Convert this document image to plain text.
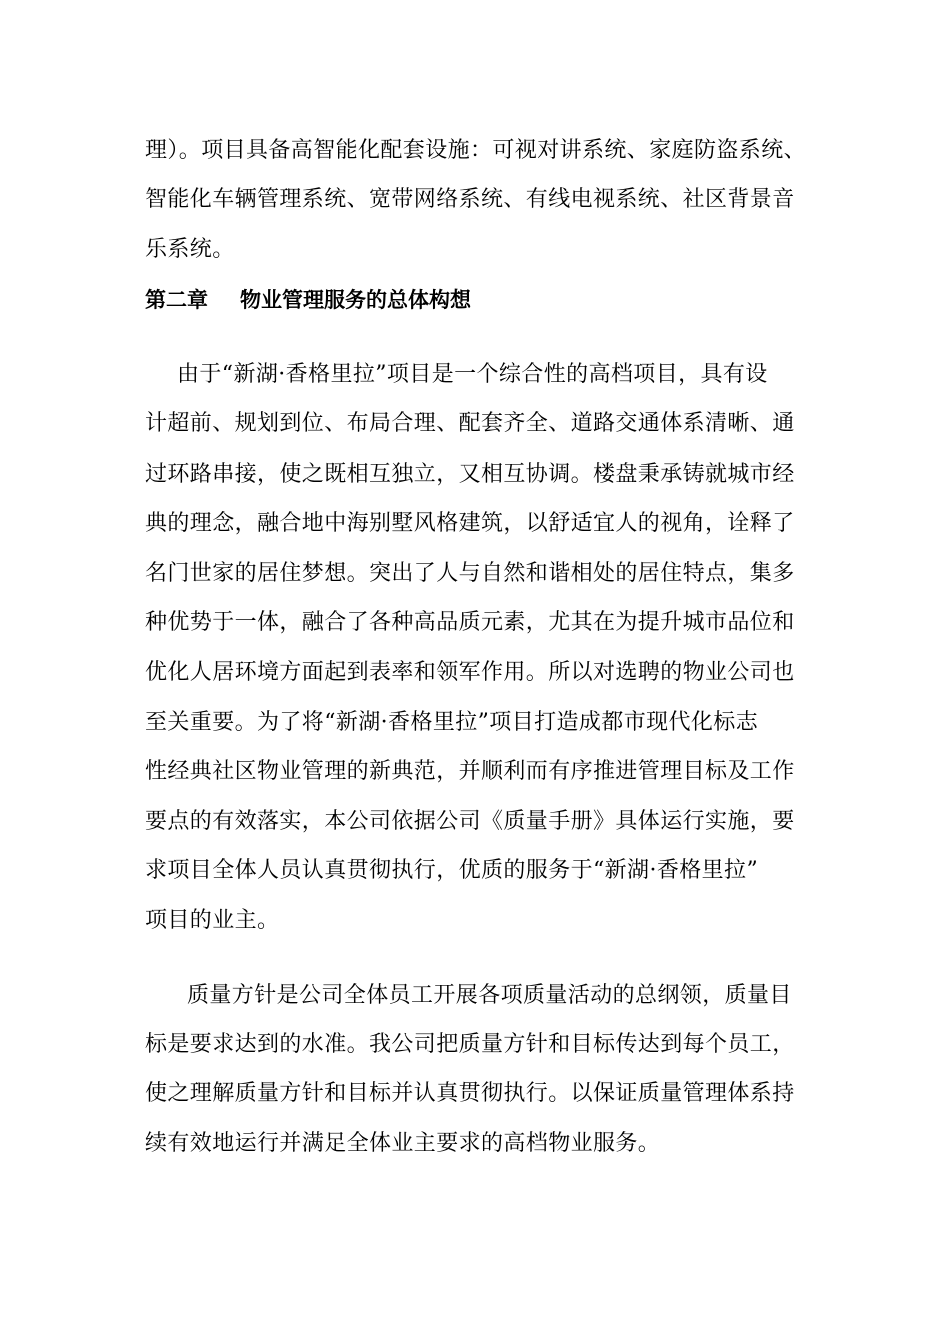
理）。项目具备高智能化配套设施：可视对讲系统、家庭防盗系统、
智能化车辆管理系统、宽带网络系统、有线电视系统、社区背景音
乐系统。
第二章 物业管理服务的总体构想
由于“新湖·香格里拉”项目是一个综合性的高档项目，具有设
计超前、规划到位、布局合理、配套齐全、道路交通体系清晰、通
过环路串接，使之既相互独立，又相互协调。楼盘秉承铸就城市经
典的理念，融合地中海别墅风格建筑，以舒适宜人的视角，诠释了
名门世家的居住梦想。突出了人与自然和谐相处的居住特点，集多
种优势于一体，融合了各种高品质元素，尤其在为提升城市品位和
优化人居环境方面起到表率和领军作用。所以对选聘的物业公司也
至关重要。为了将“新湖·香格里拉”项目打造成都市现代化标志
性经典社区物业管理的新典范，并顺利而有序推进管理目标及工作
要点的有效落实，本公司依据公司《质量手册》具体运行实施，要
求项目全体人员认真贯彻执行，优质的服务于“新湖·香格里拉”
项目的业主。
质量方针是公司全体员工开展各项质量活动的总纲领，质量目
标是要求达到的水准。我公司把质量方针和目标传达到每个员工，
使之理解质量方针和目标并认真贯彻执行。以保证质量管理体系持
续有效地运行并满足全体业主要求的高档物业服务。
